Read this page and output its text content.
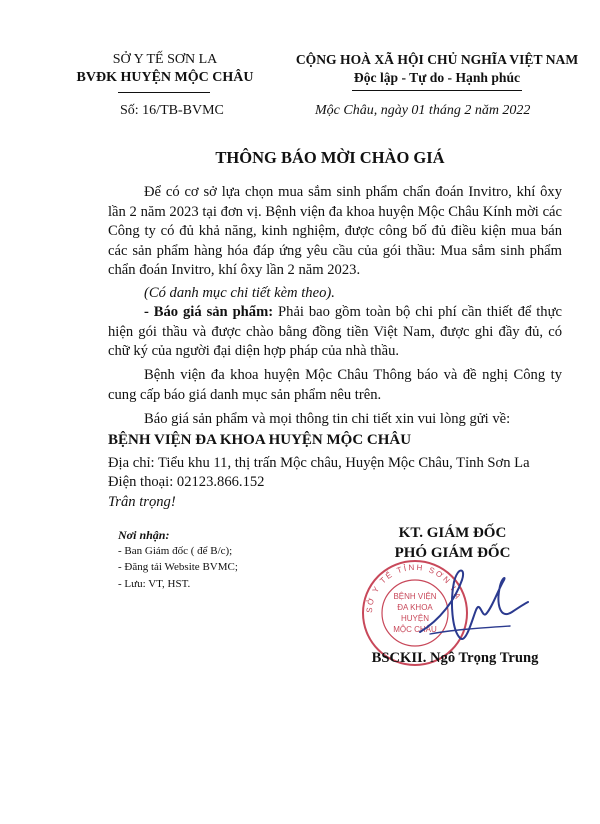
SỞ Y TẾ SƠN LA
BVĐK HUYỆN MỘC CHÂU
CỘNG HOÀ XÃ HỘI CHỦ NGHĨA VIỆT NAM
Độc lập - Tự do - Hạnh phúc
Số: 16/TB-BVMC	Mộc Châu, ngày 01 tháng 2 năm 2022
THÔNG BÁO MỜI CHÀO GIÁ
Để có cơ sở lựa chọn mua sắm sinh phẩm chẩn đoán Invitro, khí ôxy lần 2 năm 2023 tại đơn vị. Bệnh viện đa khoa huyện Mộc Châu Kính mời các Công ty có đủ khả năng, kinh nghiệm, được công bố đủ điều kiện mua bán các sản phẩm hàng hóa đáp ứng yêu cầu của gói thầu: Mua sắm sinh phẩm chẩn đoán Invitro, khí ôxy lần 2 năm 2023.
(Có danh mục chi tiết kèm theo).
- Báo giá sản phẩm: Phải bao gồm toàn bộ chi phí cần thiết để thực hiện gói thầu và được chào bằng đồng tiền Việt Nam, được ghi đầy đủ, có chữ ký của người đại diện hợp pháp của nhà thầu.
Bệnh viện đa khoa huyện Mộc Châu Thông báo và đề nghị Công ty cung cấp báo giá danh mục sản phẩm nêu trên.
Báo giá sản phẩm và mọi thông tin chi tiết xin vui lòng gửi về:
BỆNH VIỆN ĐA KHOA HUYỆN MỘC CHÂU
Địa chỉ: Tiểu khu 11, thị trấn Mộc châu, Huyện Mộc Châu, Tỉnh Sơn La
Điện thoại: 02123.866.152
Trân trọng!
Nơi nhận:
- Ban Giám đốc ( để B/c);
- Đăng tải Website BVMC;
- Lưu: VT, HST.
KT. GIÁM ĐỐC
PHÓ GIÁM ĐỐC
SỞ Y TẾ TỈNH SƠN LA
BỆNH VIỆN
ĐA KHOA
HUYỆN
MỘC CHÂU
BSCKII. Ngô Trọng Trung
